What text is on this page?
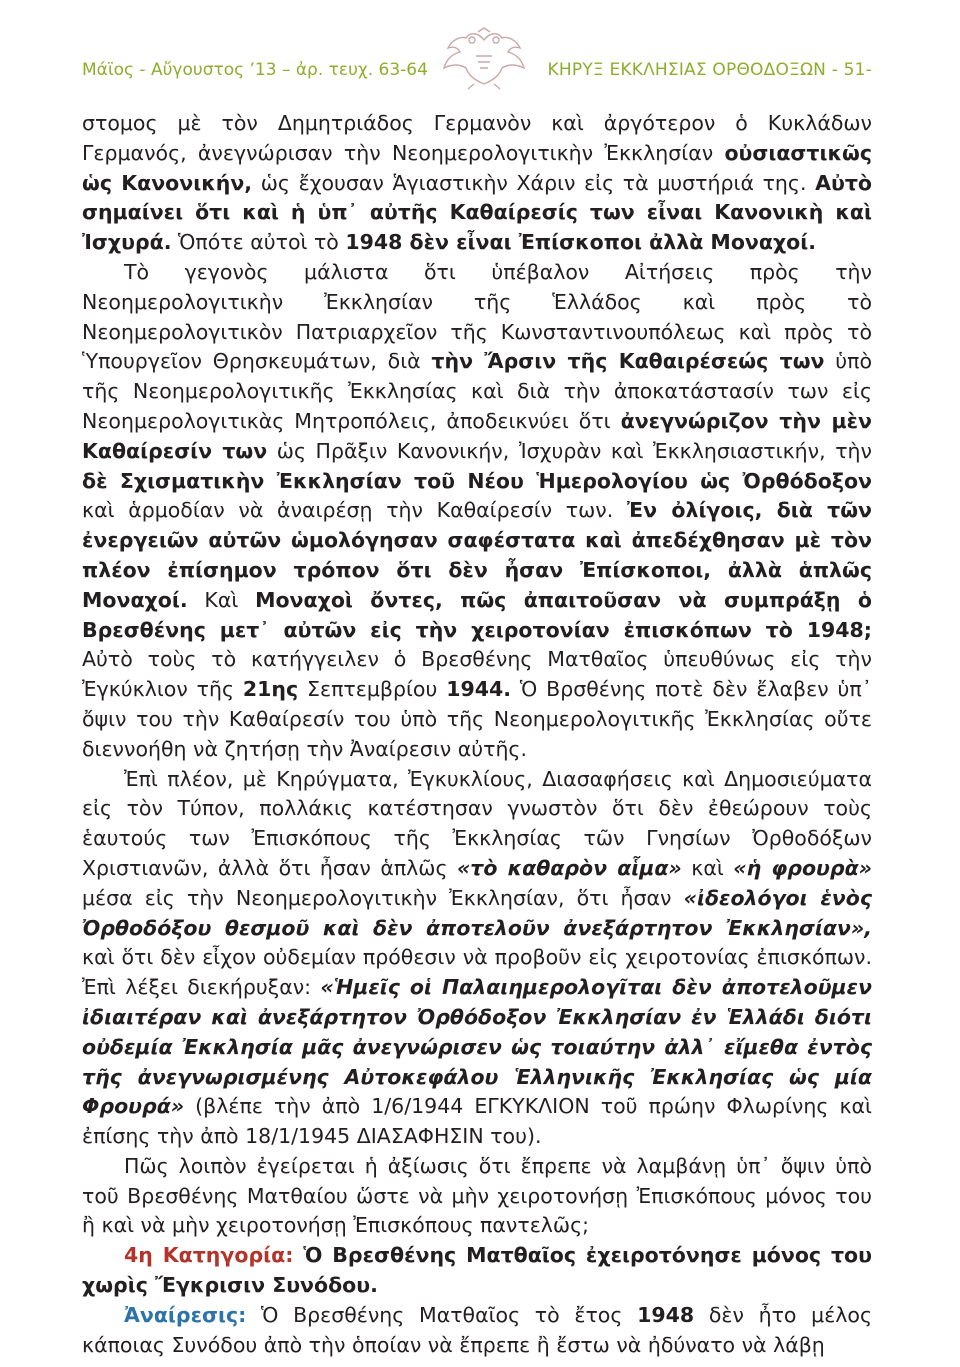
Μάϊος - Αὔγουστος ’13 – ἀρ. τευχ. 63-64	ΚΗΡΥΞ ΕΚΚΛΗΣΙΑΣ ΟΡΘΟΔΟΞΩΝ - 51-

στομος μὲ τὸν Δημητριάδος Γερμανὸν καὶ ἀργότερον ὁ Κυκλάδων Γερμανός, ἀνεγνώρισαν τὴν Νεοημερολογιτικὴν Ἐκκλησίαν οὐσιαστικῶς ὡς Κανονικήν, ὡς ἔχουσαν Ἁγιαστικὴν Χάριν εἰς τὰ μυστήριά της. Αὐτὸ σημαίνει ὅτι καὶ ἡ ὑπ᾽ αὐτῆς Καθαίρεσίς των εἶναι Κανονικὴ καὶ Ἰσχυρά. Ὁπότε αὐτοὶ τὸ 1948 δὲν εἶναι Ἐπίσκοποι ἀλλὰ Μοναχοί.

Τὸ γεγονὸς μάλιστα ὅτι ὑπέβαλον Αἰτήσεις πρὸς τὴν Νεοημερολογιτικὴν Ἐκκλησίαν τῆς Ἑλλάδος καὶ πρὸς τὸ Νεοημερολογιτικὸν Πατριαρχεῖον τῆς Κωνσταντινουπόλεως καὶ πρὸς τὸ Ὑπουργεῖον Θρησκευμάτων, διὰ τὴν Ἄρσιν τῆς Καθαιρέσεώς των ὑπὸ τῆς Νεοημερολογιτικῆς Ἐκκλησίας καὶ διὰ τὴν ἀποκατάστασίν των εἰς Νεοημερολογιτικὰς Μητροπόλεις, ἀποδεικνύει ὅτι ἀνεγνώριζον τὴν μὲν Καθαίρεσίν των ὡς Πρᾶξιν Κανονικήν, Ἰσχυρὰν καὶ Ἐκκλησιαστικήν, τὴν δὲ Σχισματικὴν Ἐκκλησίαν τοῦ Νέου Ἡμερολογίου ὡς Ὀρθόδοξον καὶ ἁρμοδίαν νὰ ἀναιρέσῃ τὴν Καθαίρεσίν των. Ἐν ὀλίγοις, διὰ τῶν ἐνεργειῶν αὐτῶν ὡμολόγησαν σαφέστατα καὶ ἀπεδέχθησαν μὲ τὸν πλέον ἐπίσημον τρόπον ὅτι δὲν ἦσαν Ἐπίσκοποι, ἀλλὰ ἁπλῶς Μοναχοί. Καὶ Μοναχοὶ ὄντες, πῶς ἀπαιτοῦσαν νὰ συμπράξῃ ὁ Βρεσθένης μετ᾽ αὐτῶν εἰς τὴν χειροτονίαν ἐπισκόπων τὸ 1948; Αὐτὸ τοὺς τὸ κατήγγειλεν ὁ Βρεσθένης Ματθαῖος ὑπευθύνως εἰς τὴν Ἐγκύκλιον τῆς 21ης Σεπτεμβρίου 1944. Ὁ Βρσθένης ποτὲ δὲν ἔλαβεν ὑπ᾽ ὄψιν του τὴν Καθαίρεσίν του ὑπὸ τῆς Νεοημερολογιτικῆς Ἐκκλησίας οὔτε διεννοήθη νὰ ζητήσῃ τὴν Ἀναίρεσιν αὐτῆς.

Ἐπὶ πλέον, μὲ Κηρύγματα, Ἐγκυκλίους, Διασαφήσεις καὶ Δημοσιεύματα εἰς τὸν Τύπον, πολλάκις κατέστησαν γνωστὸν ὅτι δὲν ἐθεώρουν τοὺς ἑαυτούς των Ἐπισκόπους τῆς Ἐκκλησίας τῶν Γνησίων Ὀρθοδόξων Χριστιανῶν, ἀλλὰ ὅτι ἦσαν ἁπλῶς «τὸ καθαρὸν αἷμα» καὶ «ἡ φρουρὰ» μέσα εἰς τὴν Νεοημερολογιτικὴν Ἐκκλησίαν, ὅτι ἦσαν «ἰδεολόγοι ἑνὸς Ὀρθοδόξου θεσμοῦ καὶ δὲν ἀποτελοῦν ἀνεξάρτητον Ἐκκλησίαν», καὶ ὅτι δὲν εἶχον οὐδεμίαν πρόθεσιν νὰ προβοῦν εἰς χειροτονίας ἐπισκόπων. Ἐπὶ λέξει διεκήρυξαν: «Ἡμεῖς οἱ Παλαιημερολογῖται δὲν ἀποτελοῦμεν ἰδιαιτέραν καὶ ἀνεξάρτητον Ὀρθόδοξον Ἐκκλησίαν ἐν Ἑλλάδι διότι οὐδεμία Ἐκκλησία μᾶς ἀνεγνώρισεν ὡς τοιαύτην ἀλλ᾽ εἴμεθα ἐντὸς τῆς ἀνεγνωρισμένης Αὐτοκεφάλου Ἑλληνικῆς Ἐκκλησίας ὡς μία Φρουρά» (βλέπε τὴν ἀπὸ 1/6/1944 ΕΓΚΥΚΛΙΟΝ τοῦ πρώην Φλωρίνης καὶ ἐπίσης τὴν ἀπὸ 18/1/1945 ΔΙΑΣΑΦΗΣΙΝ του).

Πῶς λοιπὸν ἐγείρεται ἡ ἀξίωσις ὅτι ἔπρεπε νὰ λαμβάνῃ ὑπ᾽ ὄψιν ὑπὸ τοῦ Βρεσθένης Ματθαίου ὥστε νὰ μὴν χειροτονήσῃ Ἐπισκόπους μόνος του ἢ καὶ νὰ μὴν χειροτονήσῃ Ἐπισκόπους παντελῶς;

4η Κατηγορία: Ὁ Βρεσθένης Ματθαῖος ἐχειροτόνησε μόνος του χωρὶς Ἔγκρισιν Συνόδου.

Ἀναίρεσις: Ὁ Βρεσθένης Ματθαῖος τὸ ἔτος 1948 δὲν ἦτο μέλος κάποιας Συνόδου ἀπὸ τὴν ὁποίαν νὰ ἔπρεπε ἢ ἔστω νὰ ἠδύνατο νὰ λάβῃ
